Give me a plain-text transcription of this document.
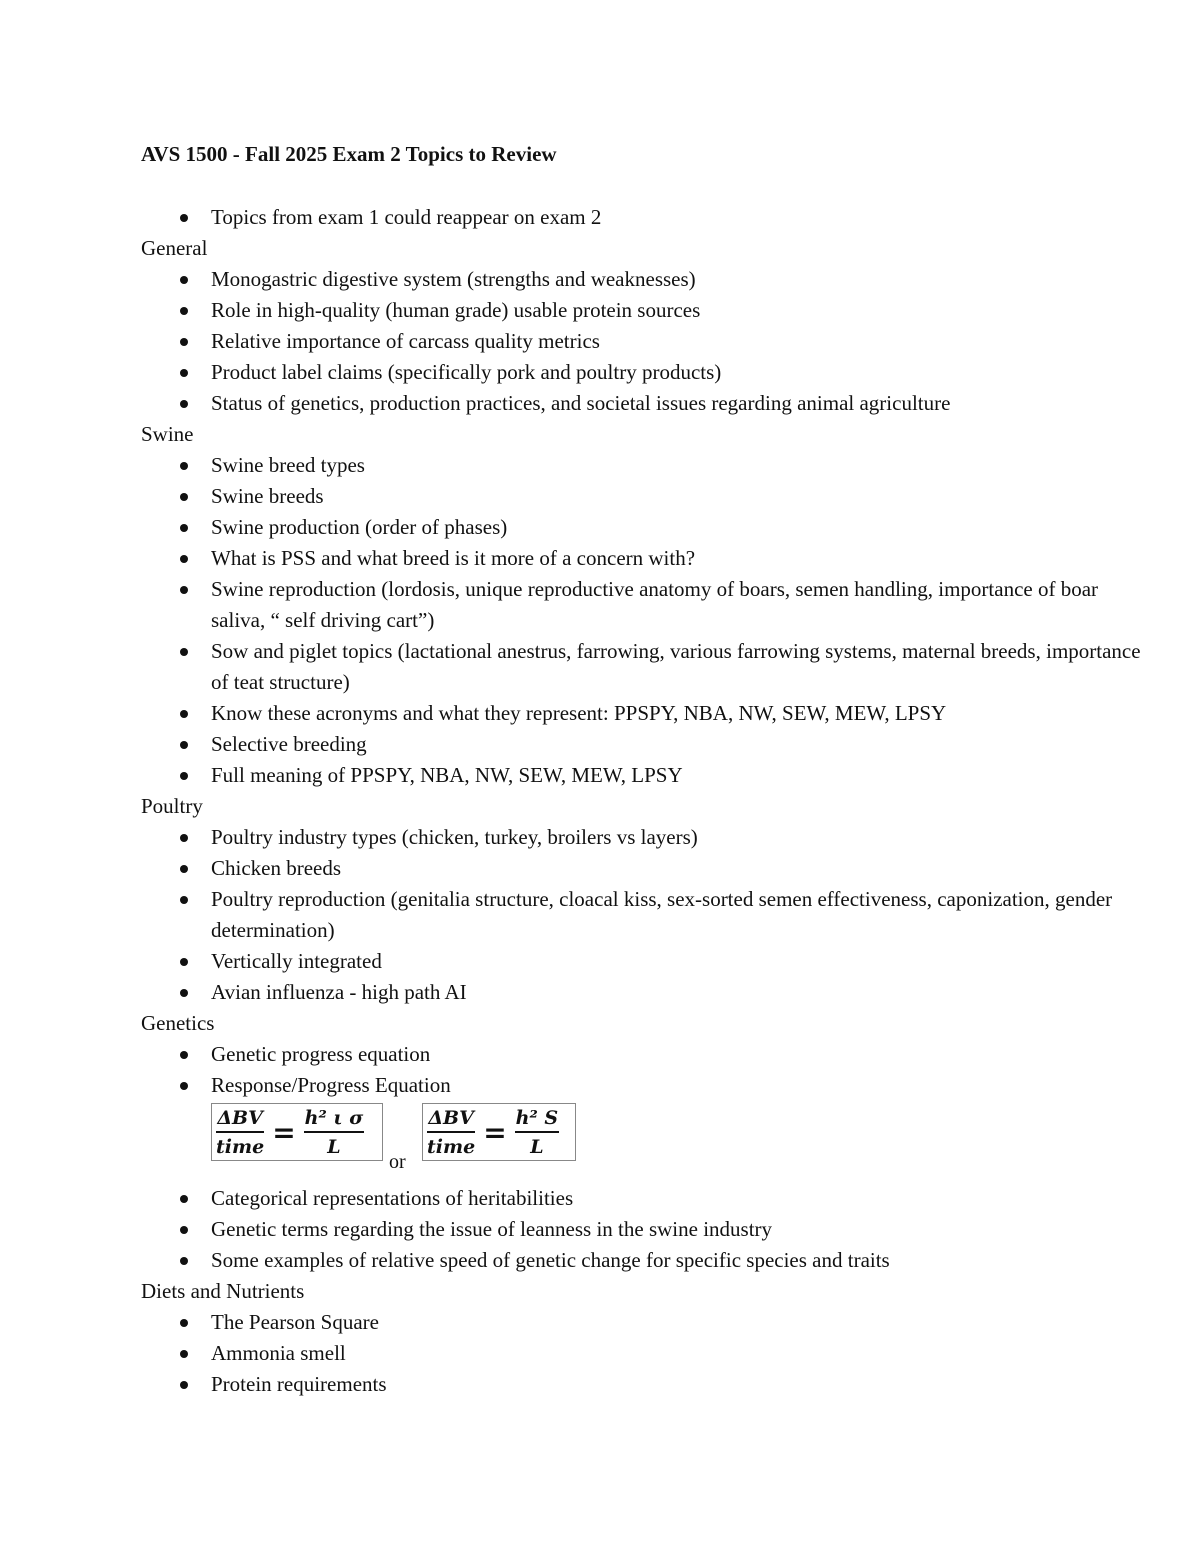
AVS 1500 - Fall 2025 Exam 2 Topics to Review
Topics from exam 1 could reappear on exam 2
General
Monogastric digestive system (strengths and weaknesses)
Role in high-quality (human grade) usable protein sources
Relative importance of carcass quality metrics
Product label claims (specifically pork and poultry products)
Status of genetics, production practices, and societal issues regarding animal agriculture
Swine
Swine breed types
Swine breeds
Swine production (order of phases)
What is PSS and what breed is it more of a concern with?
Swine reproduction (lordosis, unique reproductive anatomy of boars, semen handling, importance of boar saliva, “ self driving cart”)
Sow and piglet topics (lactational anestrus, farrowing, various farrowing systems, maternal breeds, importance of teat structure)
Know these acronyms and what they represent: PPSPY, NBA, NW, SEW, MEW, LPSY
Selective breeding
Full meaning of PPSPY, NBA, NW, SEW, MEW, LPSY
Poultry
Poultry industry types (chicken, turkey, broilers vs layers)
Chicken breeds
Poultry reproduction (genitalia structure, cloacal kiss, sex-sorted semen effectiveness, caponization, gender determination)
Vertically integrated
Avian influenza - high path AI
Genetics
Genetic progress equation
Response/Progress Equation
$\frac{\text{ΔBV}}{\text{time}} = \frac{\text{h² ι σ}}{L}$
or
$\frac{\text{ΔBV}}{\text{time}} = \frac{\text{h² S}}{L}$
Categorical representations of heritabilities
Genetic terms regarding the issue of leanness in the swine industry
Some examples of relative speed of genetic change for specific species and traits
Diets and Nutrients
The Pearson Square
Ammonia smell
Protein requirements
